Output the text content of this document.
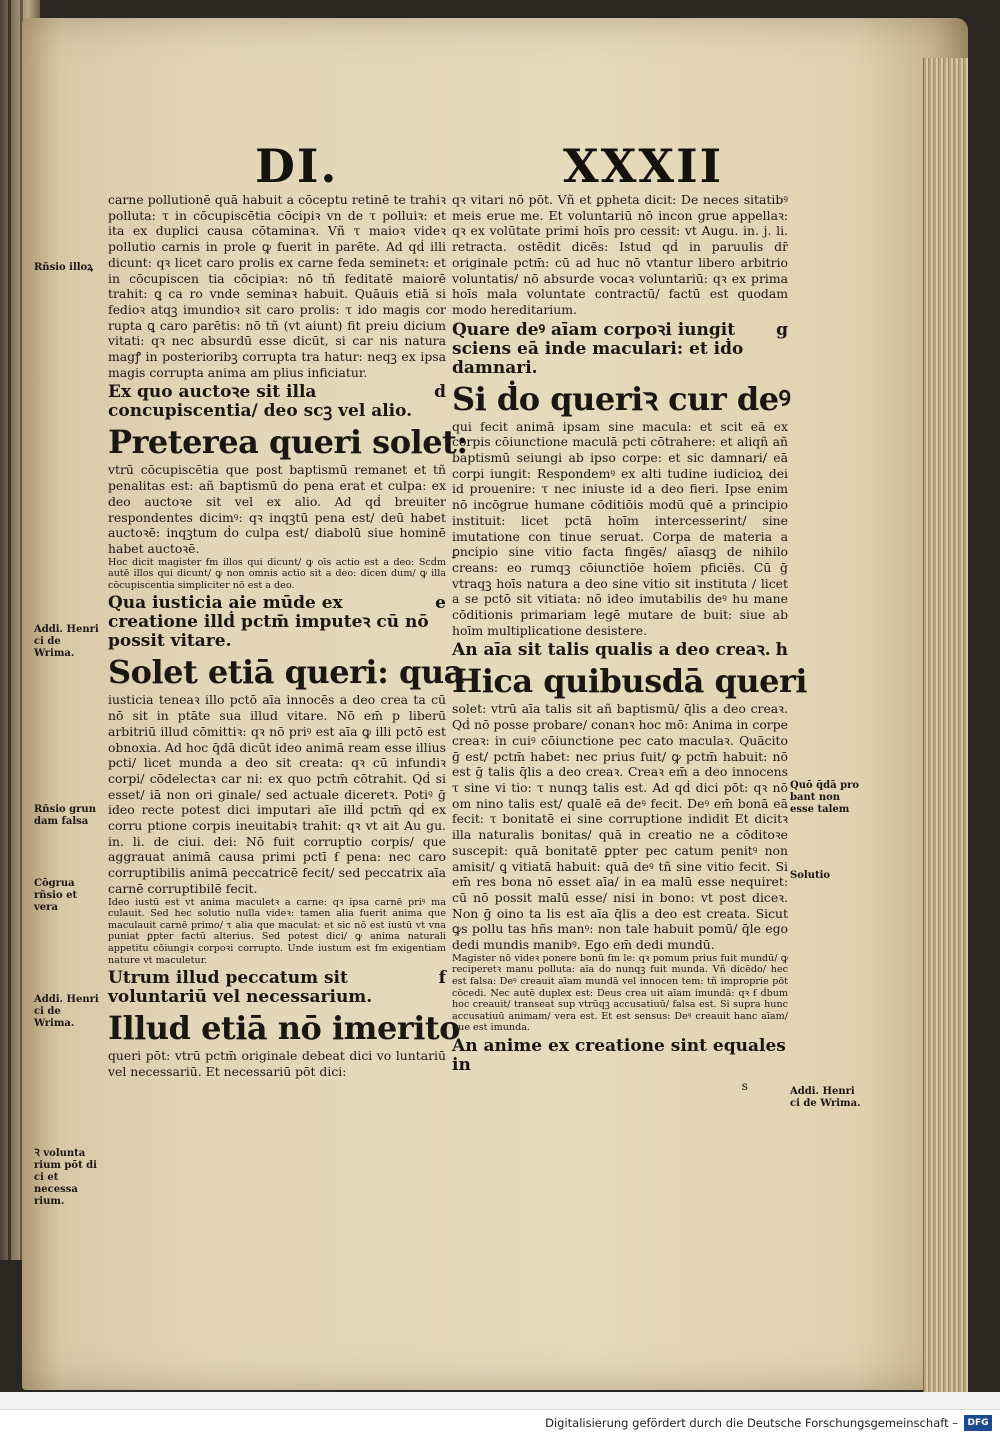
DI.	XXXII

carne pollutionē quā habuit a cōceptu retinē te trahiꝛ polluta: τ in cōcupiscētia cōcipiꝛ vn de τ polluiꝛ: et ita ex duplici causa cōtaminaꝛ. Vñ τ maioꝛ videꝛ pollutio carnis in prole ꝙ fuerit in parēte. Ad qḋ illi dicunt: qꝛ licet caro prolis ex carne feda seminetꝛ: et in cōcupiscen tia cōcipiaꝛ: nō tñ feditatē maiorē trahit: ꝗ ca ro vnde seminaꝛ habuit. Quāuis etiā si fedioꝛ atqꝫ imundioꝛ sit caro prolis: τ ido magis cor rupta ꝗ caro parētis: nō tñ (vt aiunt) fit preiu dicium vitati: qꝛ nec absurdū esse dicūt, si car nis natura magꝭ in posterioribꝫ corrupta tra hatur: neqꝫ ex ipsa magis corrupta anima am plius inficiatur.

d
Ex quo auctoꝛe sit illa concupiscentia/ deo scꝫ vel alio.
Preterea queri solet:

vtrū cōcupiscētia que post baptismū remanet et tñ penalitas est: añ baptismū ḋo pena erat et culpa: ex deo auctoꝛe sit vel ex alio. Ad qḋ breuiter respondentes dicimꝰ: qꝛ inqꝫtū pena est/ deū habet auctoꝛē: inqꝫtum ḋo culpa est/ diabolū siue hominē habet auctoꝛē.

Hoc dicit magister ẜm illos qui dicunt/ ꝙ oīs actio est a deo: Scḋm autē illos qui dicunt/ ꝙ non omnis actio sit a deo: dicen dum/ ꝙ illa cōcupiscentia simpliciter nō est a deo.

e
Qua iusticia aie mūde ex creatione illḋ pctm̄ imputeꝛ cū nō possit vitare.
Solet etiā queri: qua

iusticia teneaꝛ illo pctō aīa innocēs a deo crea ta cū nō sit in ptāte sua illud vitare. Nō em̄ p liberū arbitriū illud cōmittiꝛ: qꝛ nō priꝰ est aīa ꝙ illi pctō est obnoxia. Ad hoc q̄dā dicūt ideo animā ream esse illius pcti/ licet munda a deo sit creata: qꝛ cū infundiꝛ corpi/ cōdelectaꝛ car ni: ex quo pctm̄ cōtrahit. Qḋ si esset/ iā non ori ginale/ sed actuale diceretꝛ. Potiꝰ ḡ ideo recte potest dici imputari aīe illḋ pctm̄ qḋ ex corru ptione corpis ineuitabiꝛ trahit: qꝛ vt ait Au gu. in. li. de ciui. dei: Nō fuit corruptio corpis/ que aggrauat animā causa primi pctī ẜ pena: nec caro corruptibilis animā peccatricē fecit/ sed peccatrix aīa carnē corruptibilē fecit.

Ideo iustū est vt anima maculetꝛ a carne: qꝛ ipsa carnē priꝰ ma culauit. Sed hec solutio nulla videꝛ: tamen alia fuerit anima que maculauit carnē primo/ τ alia que maculat: et sic nō est iustū vt vna puniat ꝑpter factū alterius. Sed potest dici/ ꝙ anima naturali appetitu cōiungiꝛ corpoꝛi corrupto. Unde iustum est ẜm exigentiam nature vt maculetur.

f
Utrum illud peccatum sit voluntariū vel necessarium.
Illud etiā nō imerito

queri pōt: vtrū pctm̄ originale debeat dici vo luntariū vel necessariū. Et necessariū pōt dici:

qꝛ vitari nō pōt. Vñ et ꝑpheta dicit: De neces sitatibꝰ meis erue me. Et voluntariū nō incon grue appellaꝛ: qꝛ ex volūtate primi hoīs pro cessit: vt Augu. in. j. li. retracta. ostēdit dicēs: Istud qḋ in paruulis dr̄ originale pctm̄: cū ad huc nō vtantur libero arbitrio voluntatis/ nō absurde vocaꝛ voluntariū: qꝛ ex prima hoīs mala voluntate contractū/ factū est quodam modo hereditarium.

g
Quare deꝰ aīam corpoꝛi iungit sciens eā inde maculari: et iḋo damnari.
Si ḋo queriꝛ cur deꝰ

qui fecit animā ipsam sine macula: et scit eā ex corpis cōiunctione maculā pcti cōtrahere: et aliqñ añ baptismū seiungi ab ipso corpe: et sic damnari/ eā corpi iungit: Respondemꝰ ex alti tudine iudicioꝝ dei id prouenire: τ nec iniuste id a deo fieri. Ipse enim nō incōgrue humane cōditiōis modū quē a principio instituit: licet pctā hoīm intercesserint/ sine imutatione con tinue seruat. Corpa de materia a ꝑncipio sine vitio facta fingēs/ aīasqꝫ de nihilo creans: eo rumqꝫ cōiunctiōe hoīem pficiēs. Cū ḡ vtraqꝫ hoīs natura a deo sine vitio sit instituta / licet a se pctō sit vitiata: nō ideo imutabilis deꝰ hu mane cōditionis primariam legē mutare de buit: siue ab hoīm multiplicatione desistere.

h
An aīa sit talis qualis a deo creaꝛ.
Hica quibusdā queri

solet: vtrū aīa talis sit añ baptismū/ q̄lis a deo creaꝛ. Qḋ nō posse probare/ conanꝛ hoc mō: Anima in corpe creaꝛ: in cuiꝰ cōiunctione pec cato maculaꝛ. Quācito ḡ est/ pctm̄ habet: nec prius fuit/ ꝙ pctm̄ habuit: nō est ḡ talis q̄lis a deo creaꝛ. Creaꝛ em̄ a deo innocens τ sine vi tio: τ nunqꝫ talis est. Ad qḋ dici pōt: qꝛ nō om nino talis est/ qualē eā deꝰ fecit. Deꝰ em̄ bonā eā fecit: τ bonitatē ei sine corruptione indidit Et dicitꝛ illa naturalis bonitas/ quā in creatio ne a cōditoꝛe suscepit: quā bonitatē ꝑpter pec catum penitꝰ non amisit/ ꝗ vitiatā habuit: quā deꝰ tñ sine vitio fecit. Si em̄ res bona nō esset aīa/ in ea malū esse nequiret: cū nō possit malū esse/ nisi in bono: vt post diceꝛ. Non ḡ oino ta lis est aīa q̄lis a deo est creata. Sicut ꝙs pollu tas hñs manꝰ: non tale habuit pomū/ q̄le ego dedi mundis manibꝰ. Ego em̄ dedi mundū.

Magister nō videꝛ ponere bonū ẜm le: qꝛ pomum prius fuit mundū/ ꝙ reciperetꝛ manu polluta: aīa ḋo nunqꝫ fuit munda. Vñ dicēdo/ hec est falsa: Deꝰ creauit aīam mundā vel innocen tem: tñ improprie pōt cōcedi. Nec autē duplex est: Deus crea uit aīam imundā: qꝛ ẜ ḋbum hoc creauit/ transeat sup vtrūqꝫ accusatiuū/ falsa est. Si supra hunc accusatiuū animam/ vera est. Et est sensus: Deꝰ creauit hanc aīam/ que est imunda.

An anime ex creatione sint equales in
s
Rñsio illoꝝ
Addi. Henri ci de Wrima.
Rñsio grun dam falsa
Cōgrua rñsio et vera
Addi. Henri ci de Wrima.
Ꝛ volunta rium pōt di ci et necessa rium.
Quō q̄dā pro bant non esse talem
Solutio
Addi. Henri ci de Wrima.
Digitalisierung gefördert durch die Deutsche Forschungsgemeinschaft –	DFG
